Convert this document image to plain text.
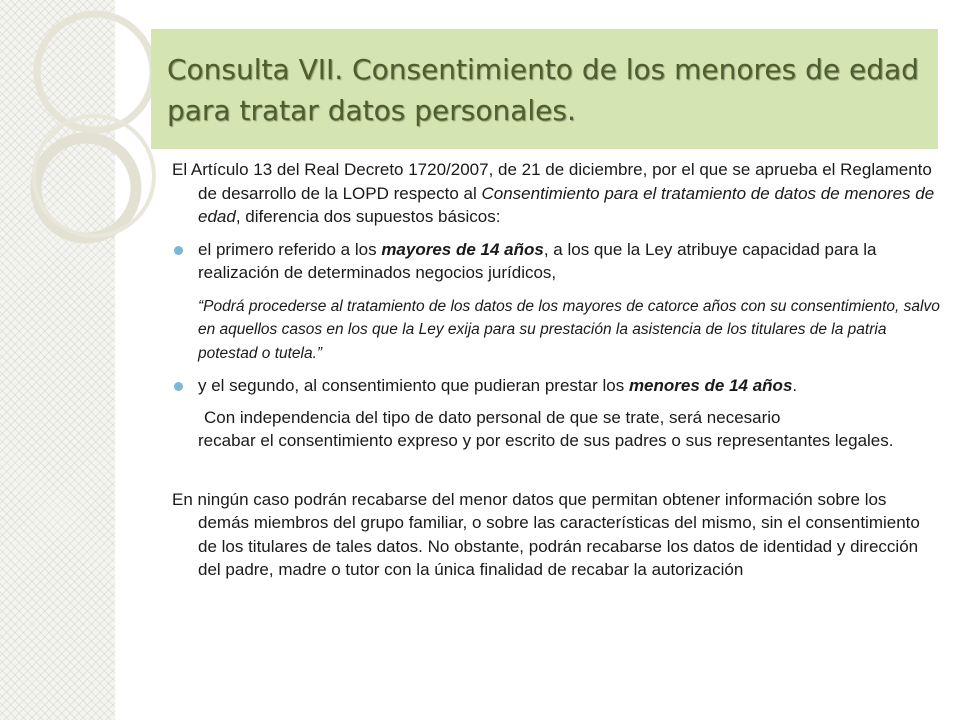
Consulta VII. Consentimiento de los menores de edad para tratar datos personales.

El Artículo 13 del Real Decreto 1720/2007, de 21 de diciembre, por el que se aprueba el Reglamento de desarrollo de la LOPD respecto al Consentimiento para el tratamiento de datos de menores de edad, diferencia dos supuestos básicos:

el primero referido a los mayores de 14 años, a los que la Ley atribuye capacidad para la realización de determinados negocios jurídicos,

“Podrá procederse al tratamiento de los datos de los mayores de catorce años con su consentimiento, salvo en aquellos casos en los que la Ley exija para su prestación la asistencia de los titulares de la patria potestad o tutela.”

y el segundo, al consentimiento que pudieran prestar los menores de 14 años.
Con independencia del tipo de dato personal de que se trate, será necesario
recabar el consentimiento expreso y por escrito de sus padres o sus representantes legales.

En ningún caso podrán recabarse del menor datos que permitan obtener información sobre los demás miembros del grupo familiar, o sobre las características del mismo, sin el consentimiento de los titulares de tales datos. No obstante, podrán recabarse los datos de identidad y dirección del padre, madre o tutor con la única finalidad de recabar la autorización
